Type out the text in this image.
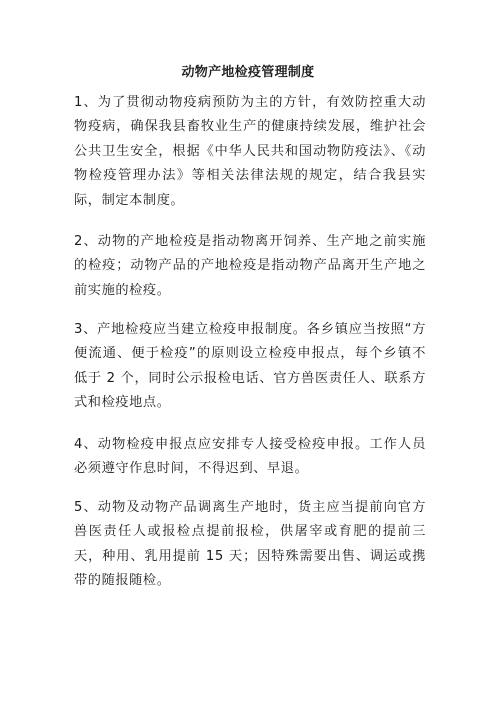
动物产地检疫管理制度

1、为了贯彻动物疫病预防为主的方针，有效防控重大动物疫病，确保我县畜牧业生产的健康持续发展，维护社会公共卫生安全，根据《中华人民共和国动物防疫法》、《动物检疫管理办法》等相关法律法规的规定，结合我县实际，制定本制度。

2、动物的产地检疫是指动物离开饲养、生产地之前实施的检疫；动物产品的产地检疫是指动物产品离开生产地之前实施的检疫。

3、产地检疫应当建立检疫申报制度。各乡镇应当按照“方便流通、便于检疫”的原则设立检疫申报点，每个乡镇不低于 2 个，同时公示报检电话、官方兽医责任人、联系方式和检疫地点。

4、动物检疫申报点应安排专人接受检疫申报。工作人员必须遵守作息时间，不得迟到、早退。

5、动物及动物产品调离生产地时，货主应当提前向官方兽医责任人或报检点提前报检，供屠宰或育肥的提前三天，种用、乳用提前 15 天；因特殊需要出售、调运或携带的随报随检。
